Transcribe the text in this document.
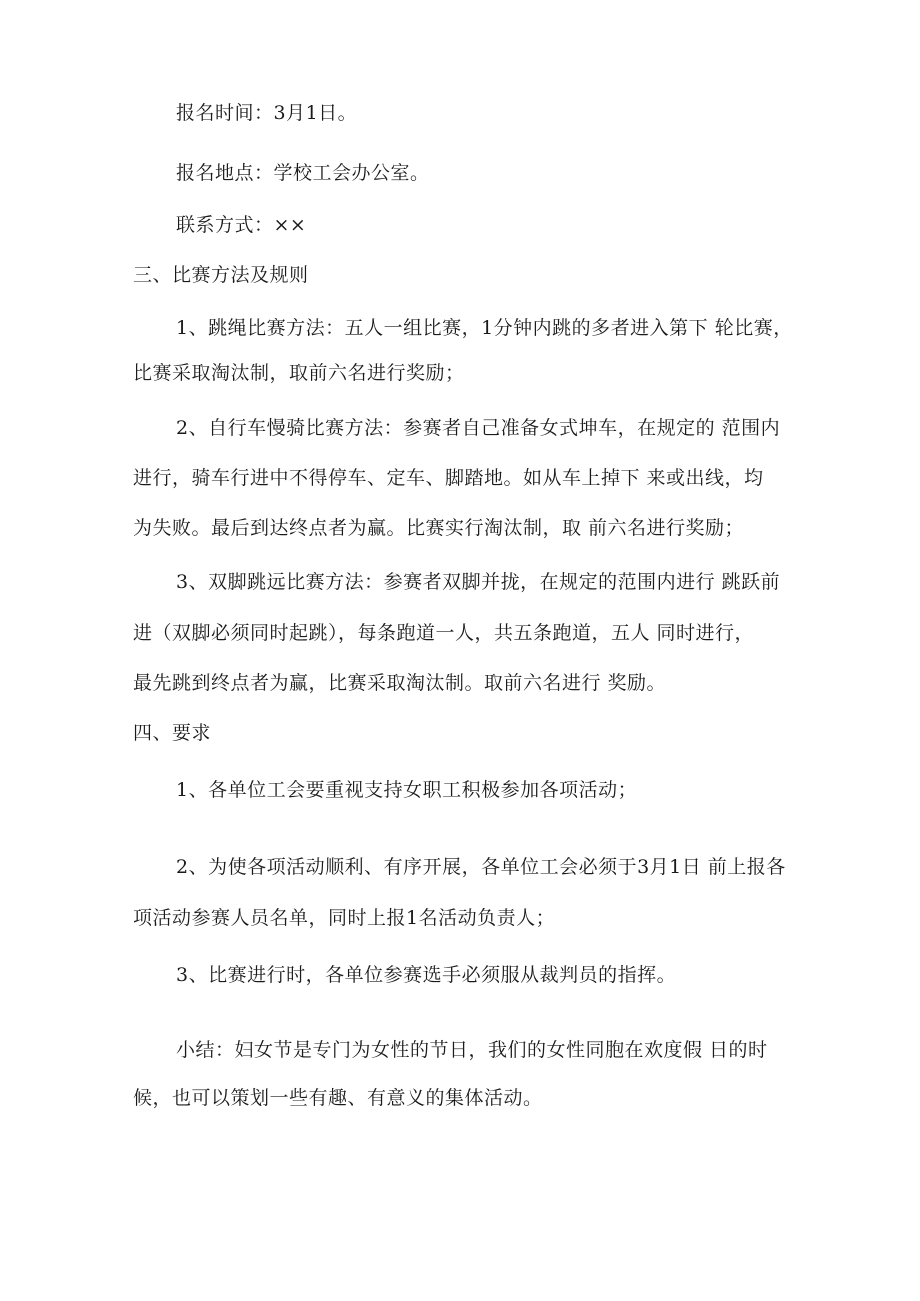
报名时间：3月1日。
报名地点：学校工会办公室。
联系方式：××
三、比赛方法及规则
1、跳绳比赛方法：五人一组比赛，1分钟内跳的多者进入第下 轮比赛，
比赛采取淘汰制，取前六名进行奖励；
2、自行车慢骑比赛方法：参赛者自己准备女式坤车，在规定的 范围内
进行，骑车行进中不得停车、定车、脚踏地。如从车上掉下 来或出线，均
为失败。最后到达终点者为赢。比赛实行淘汰制，取 前六名进行奖励；
3、双脚跳远比赛方法：参赛者双脚并拢，在规定的范围内进行 跳跃前
进（双脚必须同时起跳），每条跑道一人，共五条跑道，五人 同时进行，
最先跳到终点者为赢，比赛采取淘汰制。取前六名进行 奖励。
四、要求
1、各单位工会要重视支持女职工积极参加各项活动；
2、为使各项活动顺利、有序开展，各单位工会必须于3月1日 前上报各
项活动参赛人员名单，同时上报1名活动负责人；
3、比赛进行时，各单位参赛选手必须服从裁判员的指挥。
小结：妇女节是专门为女性的节日，我们的女性同胞在欢度假 日的时
候，也可以策划一些有趣、有意义的集体活动。
